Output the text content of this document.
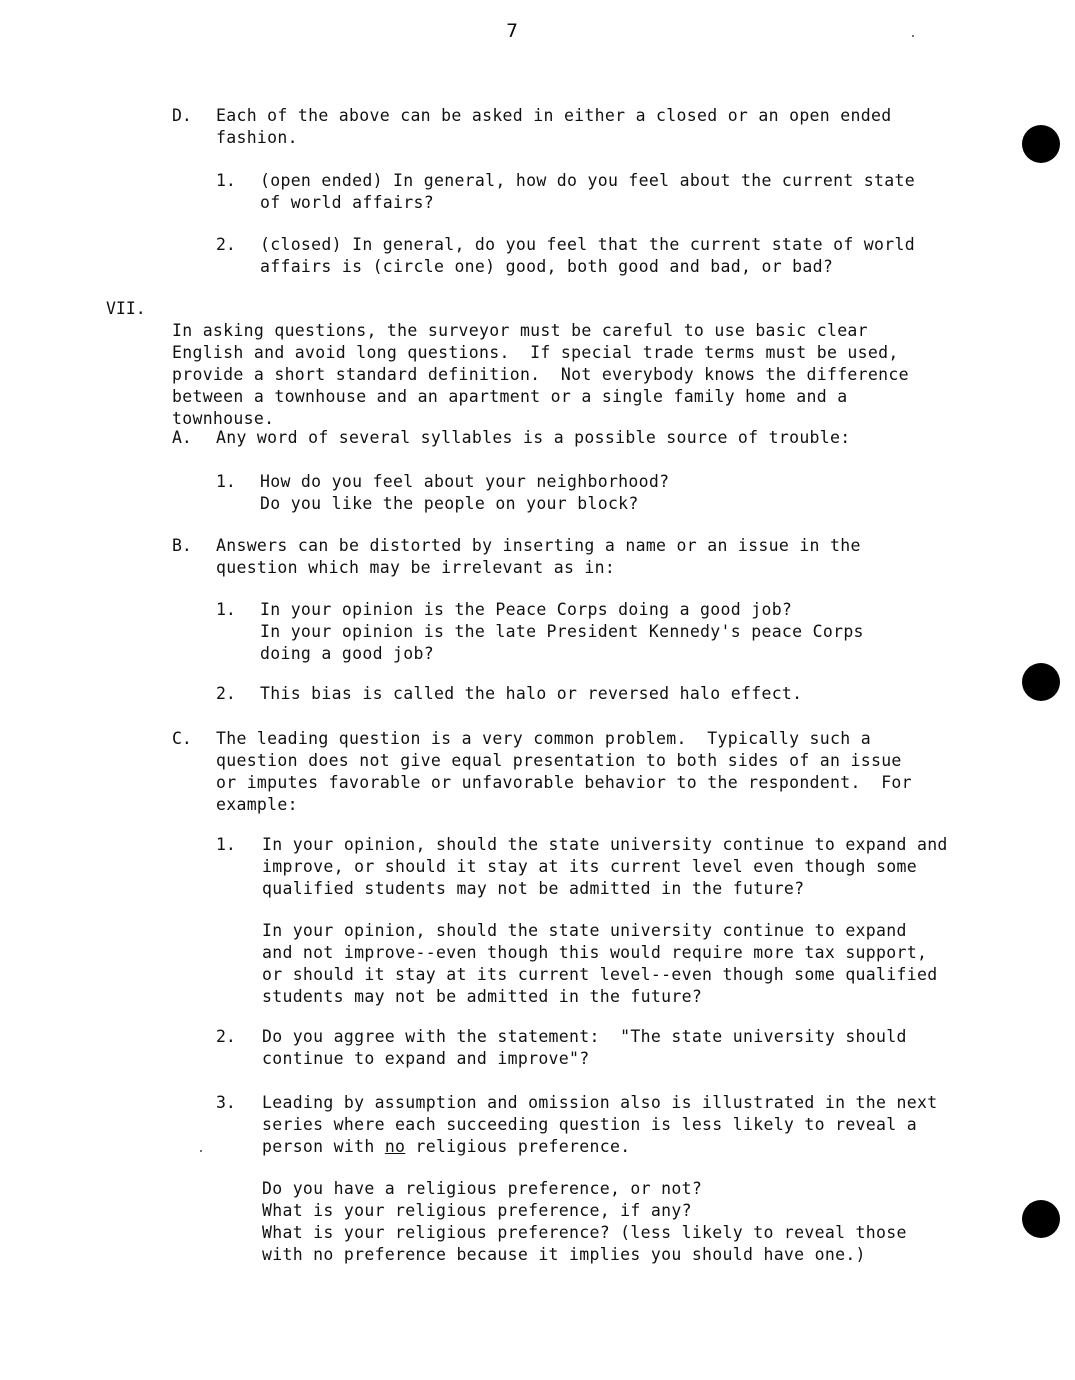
7
D. Each of the above can be asked in either a closed or an open ended
fashion.
1. (open ended) In general, how do you feel about the current state
of world affairs?
2. (closed) In general, do you feel that the current state of world
affairs is (circle one) good, both good and bad, or bad?
VII.

In asking questions, the surveyor must be careful to use basic clear
English and avoid long questions.  If special trade terms must be used,
provide a short standard definition.  Not everybody knows the difference
between a townhouse and an apartment or a single family home and a
townhouse.
A. Any word of several syllables is a possible source of trouble:
1. How do you feel about your neighborhood?
Do you like the people on your block?
B. Answers can be distorted by inserting a name or an issue in the
question which may be irrelevant as in:
1. In your opinion is the Peace Corps doing a good job?
In your opinion is the late President Kennedy's peace Corps
doing a good job?
2. This bias is called the halo or reversed halo effect.
C. The leading question is a very common problem.  Typically such a
question does not give equal presentation to both sides of an issue
or imputes favorable or unfavorable behavior to the respondent.  For
example:
1. In your opinion, should the state university continue to expand and
improve, or should it stay at its current level even though some
qualified students may not be admitted in the future?
In your opinion, should the state university continue to expand
and not improve--even though this would require more tax support,
or should it stay at its current level--even though some qualified
students may not be admitted in the future?
2. Do you aggree with the statement:  "The state university should
continue to expand and improve"?
3. Leading by assumption and omission also is illustrated in the next
series where each succeeding question is less likely to reveal a
person with no religious preference.
Do you have a religious preference, or not?
What is your religious preference, if any?
What is your religious preference? (less likely to reveal those
with no preference because it implies you should have one.)
